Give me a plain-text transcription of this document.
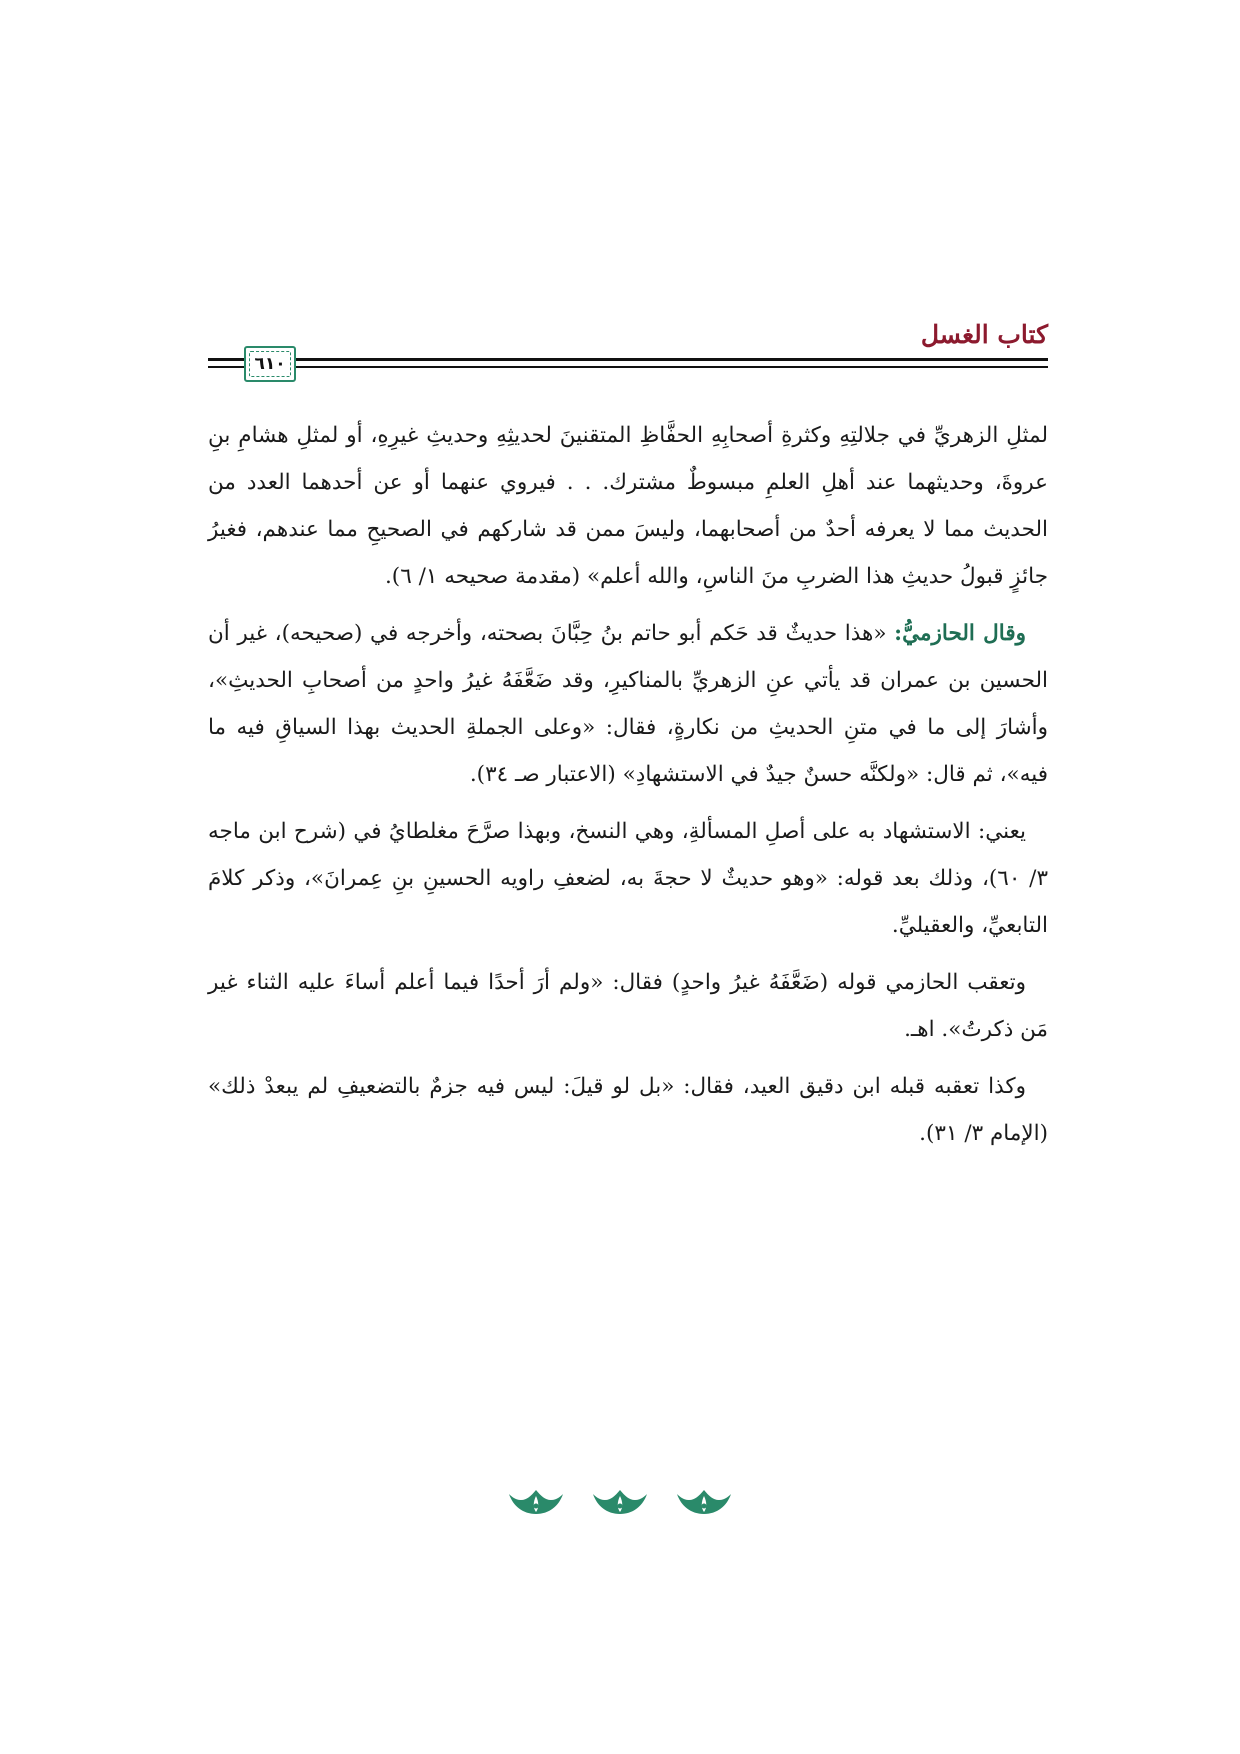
كتاب الغسل
٦١٠

لمثلِ الزهريِّ في جلالتِهِ وكثرةِ أصحابِهِ الحفَّاظِ المتقنينَ لحديثِهِ وحديثِ غيرِهِ، أو لمثلِ هشامِ بنِ عروةَ، وحديثهما عند أهلِ العلمِ مبسوطٌ مشترك. . . فيروي عنهما أو عن أحدهما العدد من الحديث مما لا يعرفه أحدٌ من أصحابهما، وليسَ ممن قد شاركهم في الصحيحِ مما عندهم، فغيرُ جائزٍ قبولُ حديثِ هذا الضربِ منَ الناسِ، والله أعلم» (مقدمة صحيحه ١/ ٦).

وقال الحازميُّ: «هذا حديثٌ قد حَكم أبو حاتم بنُ حِبَّانَ بصحته، وأخرجه في (صحيحه)، غير أن الحسين بن عمران قد يأتي عنِ الزهريِّ بالمناكيرِ، وقد ضَعَّفَهُ غيرُ واحدٍ من أصحابِ الحديثِ»، وأشارَ إلى ما في متنِ الحديثِ من نكارةٍ، فقال: «وعلى الجملةِ الحديث بهذا السياقِ فيه ما فيه»، ثم قال: «ولكنَّه حسنٌ جيدٌ في الاستشهادِ» (الاعتبار صـ ٣٤).

يعني: الاستشهاد به على أصلِ المسألةِ، وهي النسخ، وبهذا صرَّحَ مغلطايُ في (شرح ابن ماجه ٣/ ٦٠)، وذلك بعد قوله: «وهو حديثٌ لا حجةَ به، لضعفِ راويه الحسينِ بنِ عِمرانَ»، وذكر كلامَ التابعيِّ، والعقيليِّ.

وتعقب الحازمي قوله (ضَعَّفَهُ غيرُ واحدٍ) فقال: «ولم أرَ أحدًا فيما أعلم أساءَ عليه الثناء غير مَن ذكرتُ». اهـ.

وكذا تعقبه قبله ابن دقيق العيد، فقال: «بل لو قيلَ: ليس فيه جزمٌ بالتضعيفِ لم يبعدْ ذلك» (الإمام ٣/ ٣١).
